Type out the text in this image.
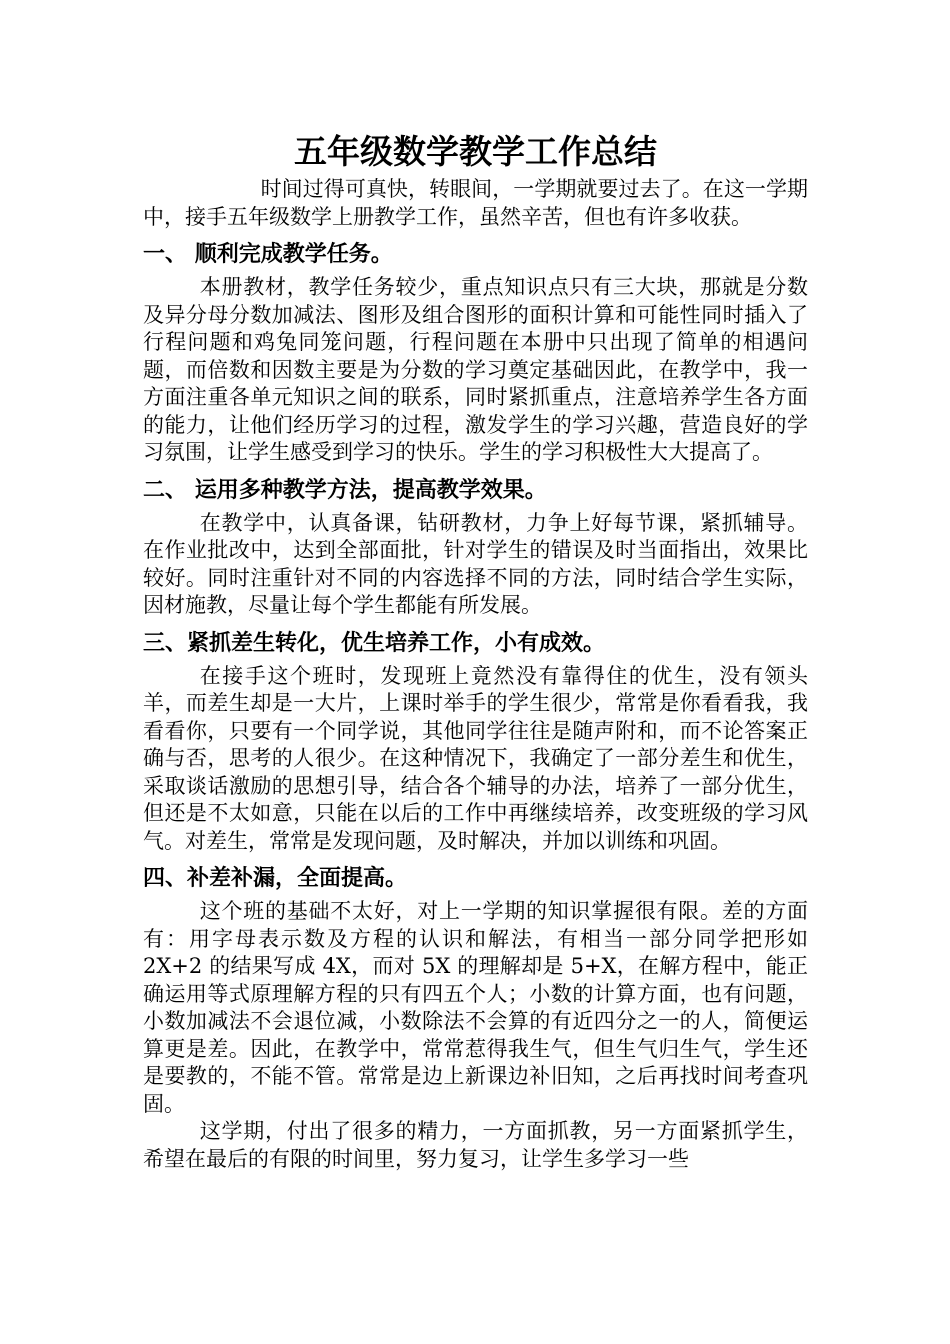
五年级数学教学工作总结

时间过得可真快，转眼间，一学期就要过去了。在这一学期中，接手五年级数学上册教学工作，虽然辛苦，但也有许多收获。

一、 顺利完成教学任务。

本册教材，教学任务较少，重点知识点只有三大块，那就是分数及异分母分数加减法、图形及组合图形的面积计算和可能性同时插入了行程问题和鸡兔同笼问题，行程问题在本册中只出现了简单的相遇问题，而倍数和因数主要是为分数的学习奠定基础因此，在教学中，我一方面注重各单元知识之间的联系，同时紧抓重点，注意培养学生各方面的能力，让他们经历学习的过程，激发学生的学习兴趣，营造良好的学习氛围，让学生感受到学习的快乐。学生的学习积极性大大提高了。

二、 运用多种教学方法，提高教学效果。

在教学中，认真备课，钻研教材，力争上好每节课，紧抓辅导。在作业批改中，达到全部面批，针对学生的错误及时当面指出，效果比较好。同时注重针对不同的内容选择不同的方法，同时结合学生实际，因材施教，尽量让每个学生都能有所发展。

三、紧抓差生转化，优生培养工作，小有成效。

在接手这个班时，发现班上竟然没有靠得住的优生，没有领头羊，而差生却是一大片，上课时举手的学生很少，常常是你看看我，我看看你，只要有一个同学说，其他同学往往是随声附和，而不论答案正确与否，思考的人很少。在这种情况下，我确定了一部分差生和优生，采取谈话激励的思想引导，结合各个辅导的办法，培养了一部分优生，但还是不太如意，只能在以后的工作中再继续培养，改变班级的学习风气。对差生，常常是发现问题，及时解决，并加以训练和巩固。

四、补差补漏，全面提高。

这个班的基础不太好，对上一学期的知识掌握很有限。差的方面有：用字母表示数及方程的认识和解法，有相当一部分同学把形如 2X+2 的结果写成 4X，而对 5X 的理解却是 5+X，在解方程中，能正确运用等式原理解方程的只有四五个人；小数的计算方面，也有问题，小数加减法不会退位减，小数除法不会算的有近四分之一的人，简便运算更是差。因此，在教学中，常常惹得我生气，但生气归生气，学生还是要教的，不能不管。常常是边上新课边补旧知，之后再找时间考查巩固。

这学期，付出了很多的精力，一方面抓教，另一方面紧抓学生，希望在最后的有限的时间里，努力复习，让学生多学习一些
